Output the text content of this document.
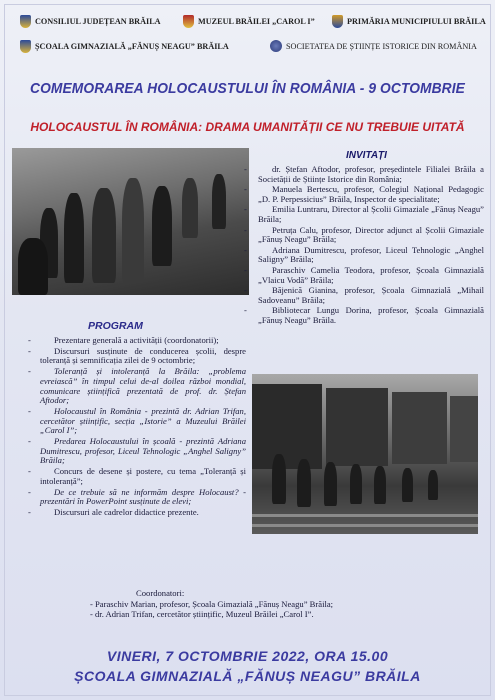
CONSILIUL JUDEȚEAN BRĂILA	MUZEUL BRĂILEI „CAROL I”	PRIMĂRIA MUNICIPIULUI BRĂILA
ȘCOALA GIMNAZIALĂ „FĂNUȘ NEAGU” BRĂILA	SOCIETATEA DE ȘTIINȚE ISTORICE DIN ROMÂNIA
COMEMORAREA HOLOCAUSTULUI ÎN ROMÂNIA - 9 OCTOMBRIE
HOLOCAUSTUL ÎN ROMÂNIA: DRAMA UMANITĂȚII CE NU TREBUIE UITATĂ
INVITAȚI
- dr. Ștefan Aftodor, profesor, președintele Filialei Brăila a Societății de Științe Istorice din România;
- Manuela Bertescu, profesor, Colegiul Național Pedagogic „D. P. Perpessicius” Brăila, Inspector de specialitate;
- Emilia Luntraru, Director al Școlii Gimaziale „Fănuș Neagu” Brăila;
- Petruța Calu, profesor, Director adjunct al Școlii Gimaziale „Fănuș Neagu” Brăila;
- Adriana Dumitrescu, profesor, Liceul Tehnologic „Anghel Saligny” Brăila;
- Paraschiv Camelia Teodora, profesor, Școala Gimnazială „Vlaicu Vodă” Brăila;
- Băjenică Gianina, profesor, Școala Gimnazială „Mihail Sadoveanu” Brăila;
- Bibliotecar Lungu Dorina, profesor, Școala Gimnazială „Fănuș Neagu” Brăila.
PROGRAM
- Prezentare generală a activității (coordonatorii);
- Discursuri susținute de conducerea școlii, despre toleranță și semnificația zilei de 9 octombrie;
- Toleranță și intoleranță la Brăila: „problema evreiască” în timpul celui de-al doilea război mondial, comunicare științifică prezentată de prof. dr. Ștefan Aftodor;
- Holocaustul în România - prezintă dr. Adrian Trifan, cercetător științific, secția „Istorie” a Muzeului Brăilei „Carol I”;
- Predarea Holocaustului în școală - prezintă Adriana Dumitrescu, profesor, Liceul Tehnologic „Anghel Saligny” Brăila;
- Concurs de desene și postere, cu tema „Toleranță și intoleranță”;
- De ce trebuie să ne informăm despre Holocaust? - prezentări în PowerPoint susținute de elevi;
- Discursuri ale cadrelor didactice prezente.
Coordonatori:
- Paraschiv Marian, profesor, Școala Gimazială „Fănuș Neagu” Brăila;
- dr. Adrian Trifan, cercetător științific, Muzeul Brăilei „Carol I”.
VINERI, 7 OCTOMBRIE 2022, ORA 15.00
ȘCOALA GIMNAZIALĂ „FĂNUȘ NEAGU” BRĂILA
